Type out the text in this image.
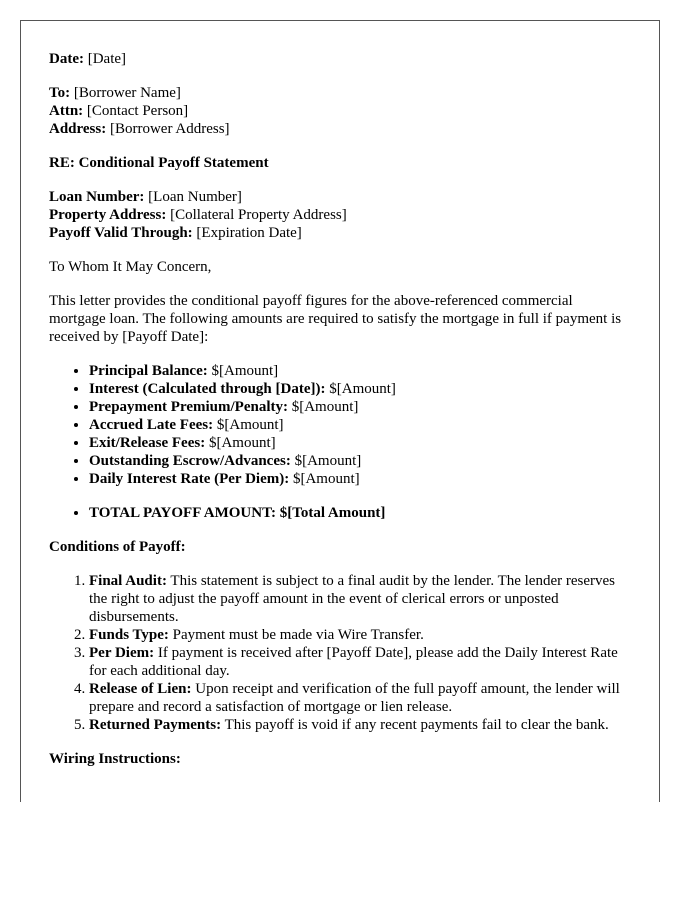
Date: [Date]
To: [Borrower Name]
Attn: [Contact Person]
Address: [Borrower Address]
RE: Conditional Payoff Statement
Loan Number: [Loan Number]
Property Address: [Collateral Property Address]
Payoff Valid Through: [Expiration Date]

To Whom It May Concern,

This letter provides the conditional payoff figures for the above-referenced commercial mortgage loan. The following amounts are required to satisfy the mortgage in full if payment is received by [Payoff Date]:

• Principal Balance: $[Amount]
• Interest (Calculated through [Date]): $[Amount]
• Prepayment Premium/Penalty: $[Amount]
• Accrued Late Fees: $[Amount]
• Exit/Release Fees: $[Amount]
• Outstanding Escrow/Advances: $[Amount]
• Daily Interest Rate (Per Diem): $[Amount]
• TOTAL PAYOFF AMOUNT: $[Total Amount]
Conditions of Payoff:
1. Final Audit: This statement is subject to a final audit by the lender. The lender reserves the right to adjust the payoff amount in the event of clerical errors or unposted disbursements.
2. Funds Type: Payment must be made via Wire Transfer.
3. Per Diem: If payment is received after [Payoff Date], please add the Daily Interest Rate for each additional day.
4. Release of Lien: Upon receipt and verification of the full payoff amount, the lender will prepare and record a satisfaction of mortgage or lien release.
5. Returned Payments: This payoff is void if any recent payments fail to clear the bank.
Wiring Instructions:
